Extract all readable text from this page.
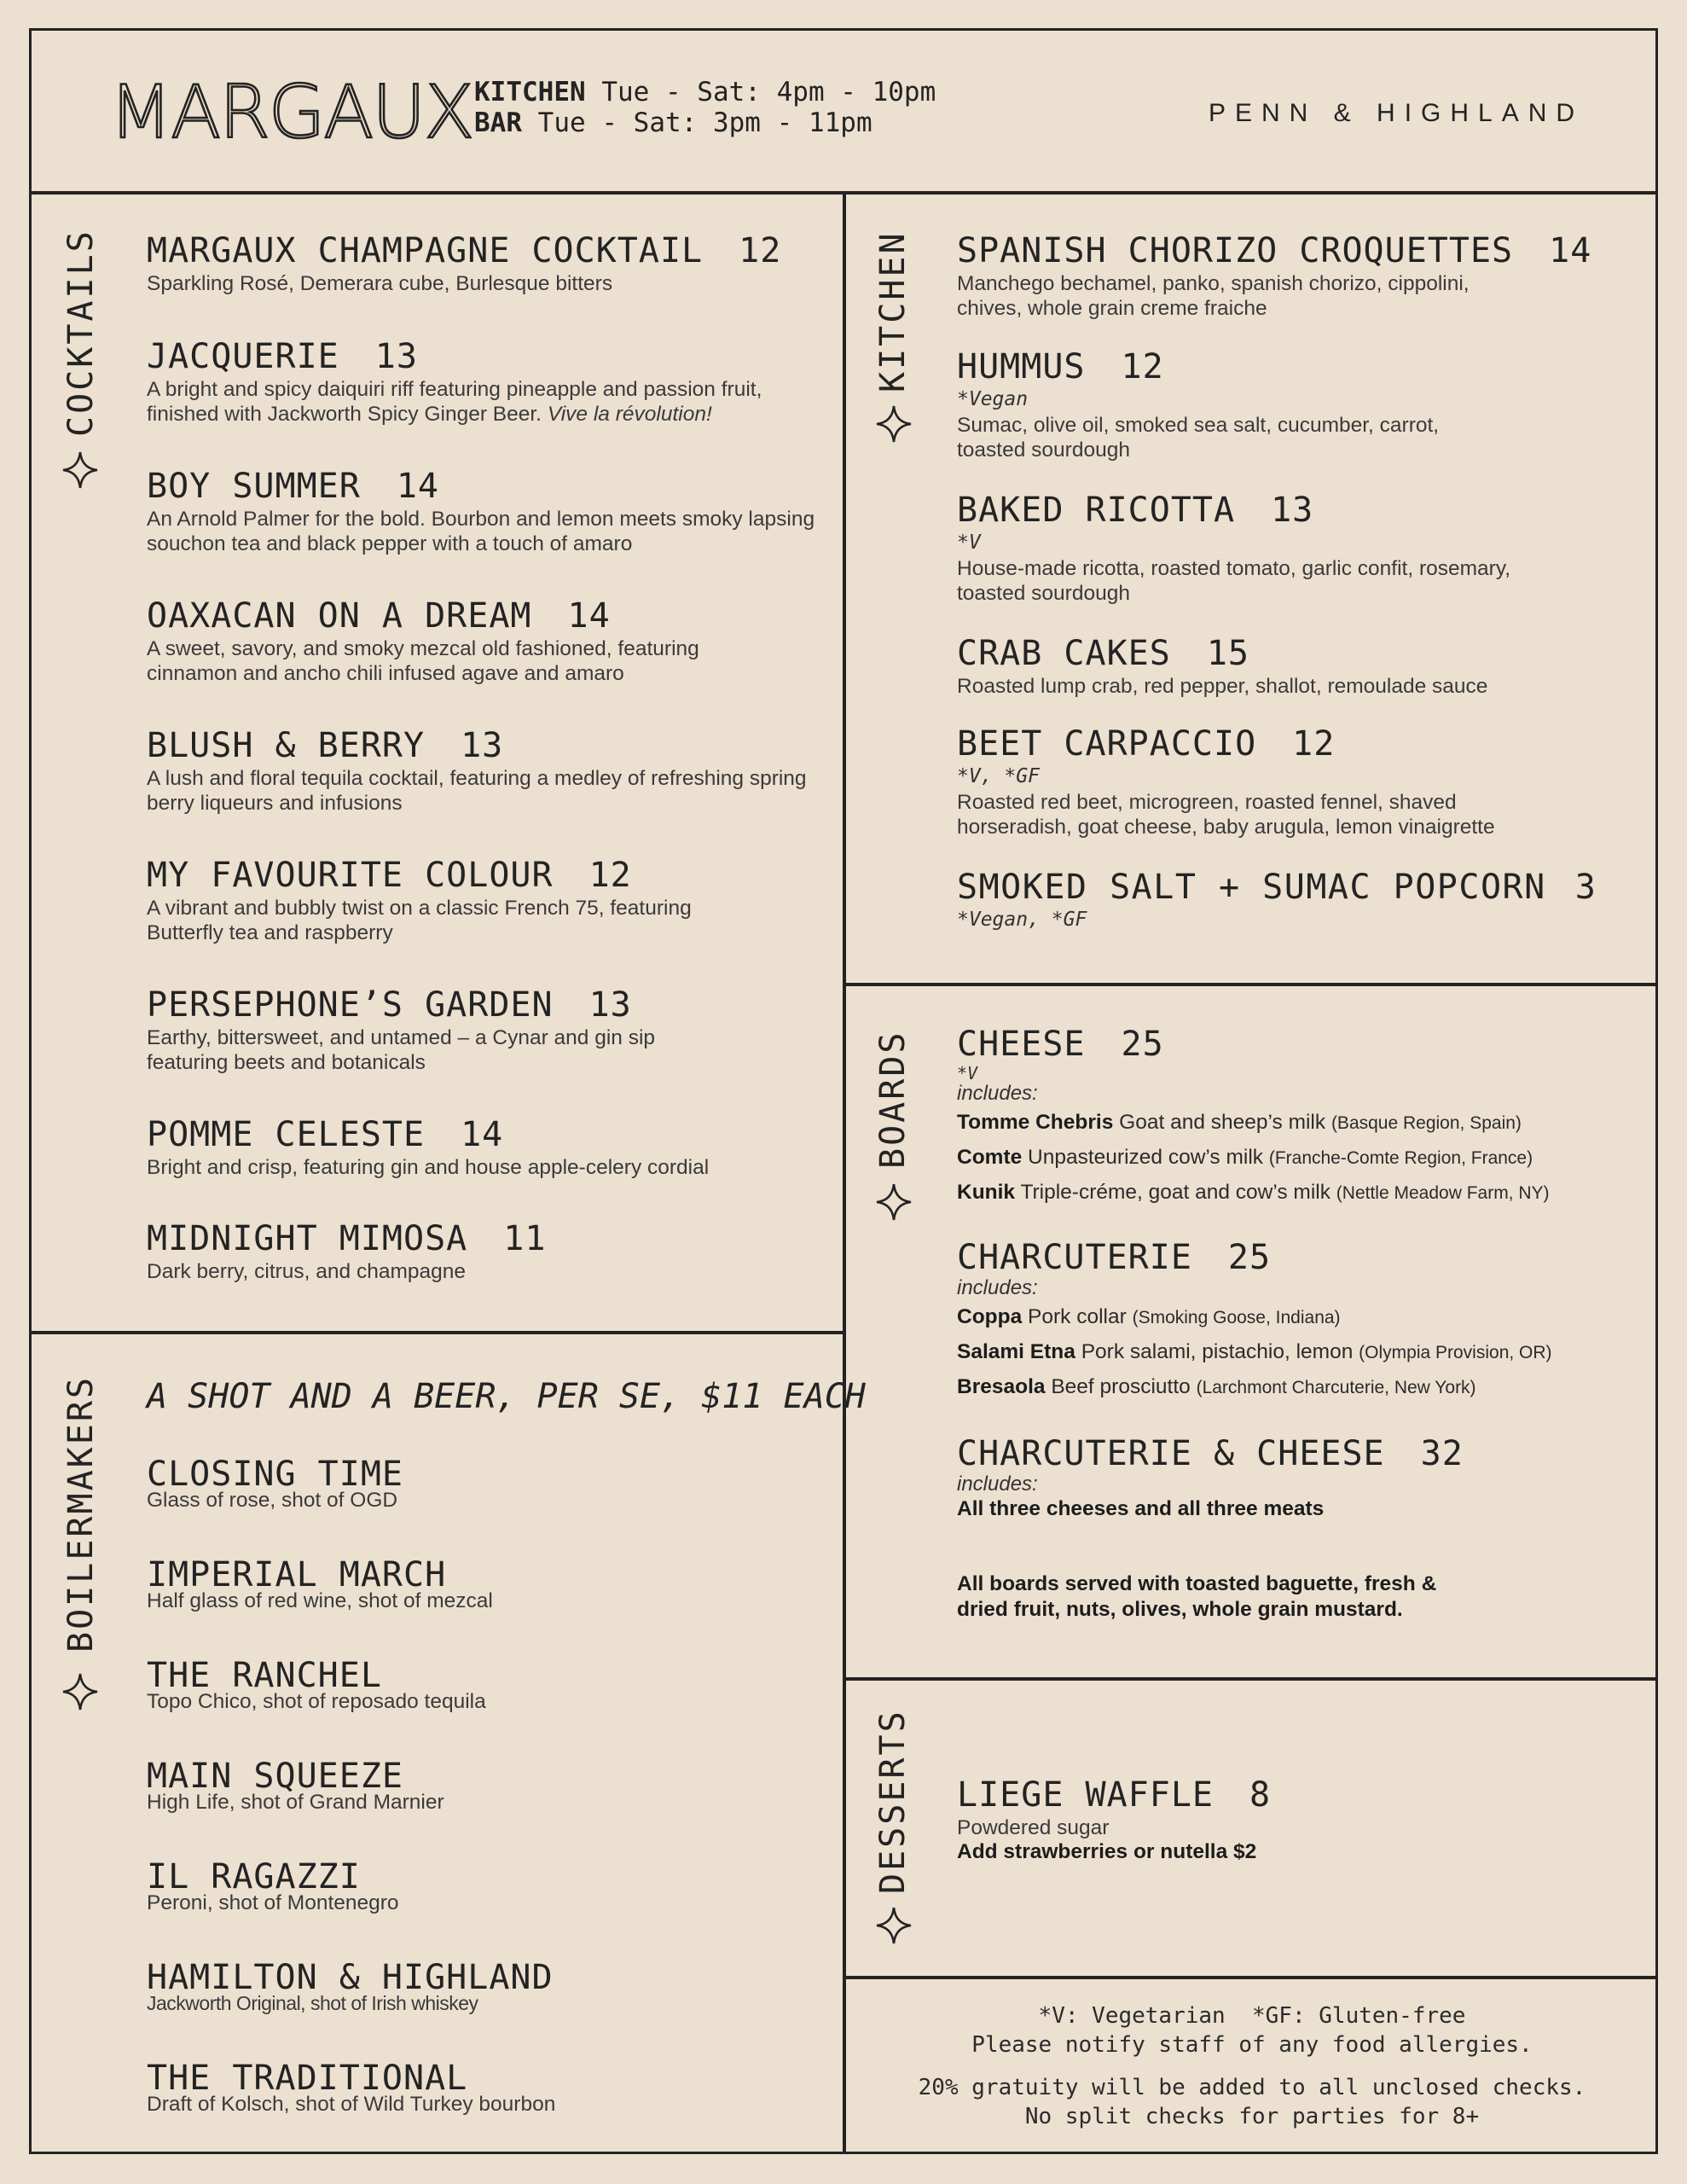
MARGAUX KITCHEN Tue - Sat: 4pm - 10pm
BAR Tue - Sat: 3pm - 11pm	PENN & HIGHLAND
COCKTAILS
BOILERMAKERS
KITCHEN
BOARDS
DESSERTS
MARGAUX CHAMPAGNE COCKTAIL 12
Sparkling Rosé, Demerara cube, Burlesque bitters
JACQUERIE 13
A bright and spicy daiquiri riff featuring pineapple and passion fruit, finished with Jackworth Spicy Ginger Beer. Vive la révolution!
BOY SUMMER 14
An Arnold Palmer for the bold. Bourbon and lemon meets smoky lapsing souchon tea and black pepper with a touch of amaro
OAXACAN ON A DREAM 14
A sweet, savory, and smoky mezcal old fashioned, featuring cinnamon and ancho chili infused agave and amaro
BLUSH & BERRY 13
A lush and floral tequila cocktail, featuring a medley of refreshing spring berry liqueurs and infusions
MY FAVOURITE COLOUR 12
A vibrant and bubbly twist on a classic French 75, featuring Butterfly tea and raspberry
PERSEPHONE’S GARDEN 13
Earthy, bittersweet, and untamed – a Cynar and gin sip featuring beets and botanicals
POMME CELESTE 14
Bright and crisp, featuring gin and house apple-celery cordial
MIDNIGHT MIMOSA 11
Dark berry, citrus, and champagne
A SHOT AND A BEER, PER SE, $11 EACH
CLOSING TIME
Glass of rose, shot of OGD
IMPERIAL MARCH
Half glass of red wine, shot of mezcal
THE RANCHEL
Topo Chico, shot of reposado tequila
MAIN SQUEEZE
High Life, shot of Grand Marnier
IL RAGAZZI
Peroni, shot of Montenegro
HAMILTON & HIGHLAND
Jackworth Original, shot of Irish whiskey
THE TRADITIONAL
Draft of Kolsch, shot of Wild Turkey bourbon
SPANISH CHORIZO CROQUETTES 14
Manchego bechamel, panko, spanish chorizo, cippolini, chives, whole grain creme fraiche
HUMMUS 12
*Vegan
Sumac, olive oil, smoked sea salt, cucumber, carrot, toasted sourdough
BAKED RICOTTA 13
*V
House-made ricotta, roasted tomato, garlic confit, rosemary, toasted sourdough
CRAB CAKES 15
Roasted lump crab, red pepper, shallot, remoulade sauce
BEET CARPACCIO 12
*V, *GF
Roasted red beet, microgreen, roasted fennel, shaved horseradish, goat cheese, baby arugula, lemon vinaigrette
SMOKED SALT + SUMAC POPCORN 3
*Vegan, *GF
CHEESE 25
*V
includes:
Tomme Chebris Goat and sheep’s milk (Basque Region, Spain)
Comte Unpasteurized cow’s milk (Franche-Comte Region, France)
Kunik Triple-créme, goat and cow’s milk (Nettle Meadow Farm, NY)
CHARCUTERIE 25
includes:
Coppa Pork collar (Smoking Goose, Indiana)
Salami Etna Pork salami, pistachio, lemon (Olympia Provision, OR)
Bresaola Beef prosciutto (Larchmont Charcuterie, New York)
CHARCUTERIE & CHEESE 32
includes:
All three cheeses and all three meats
All boards served with toasted baguette, fresh &
dried fruit, nuts, olives, whole grain mustard.
LIEGE WAFFLE 8
Powdered sugar
Add strawberries or nutella $2
*V: Vegetarian  *GF: Gluten-free
Please notify staff of any food allergies.
20% gratuity will be added to all unclosed checks.
No split checks for parties for 8+
